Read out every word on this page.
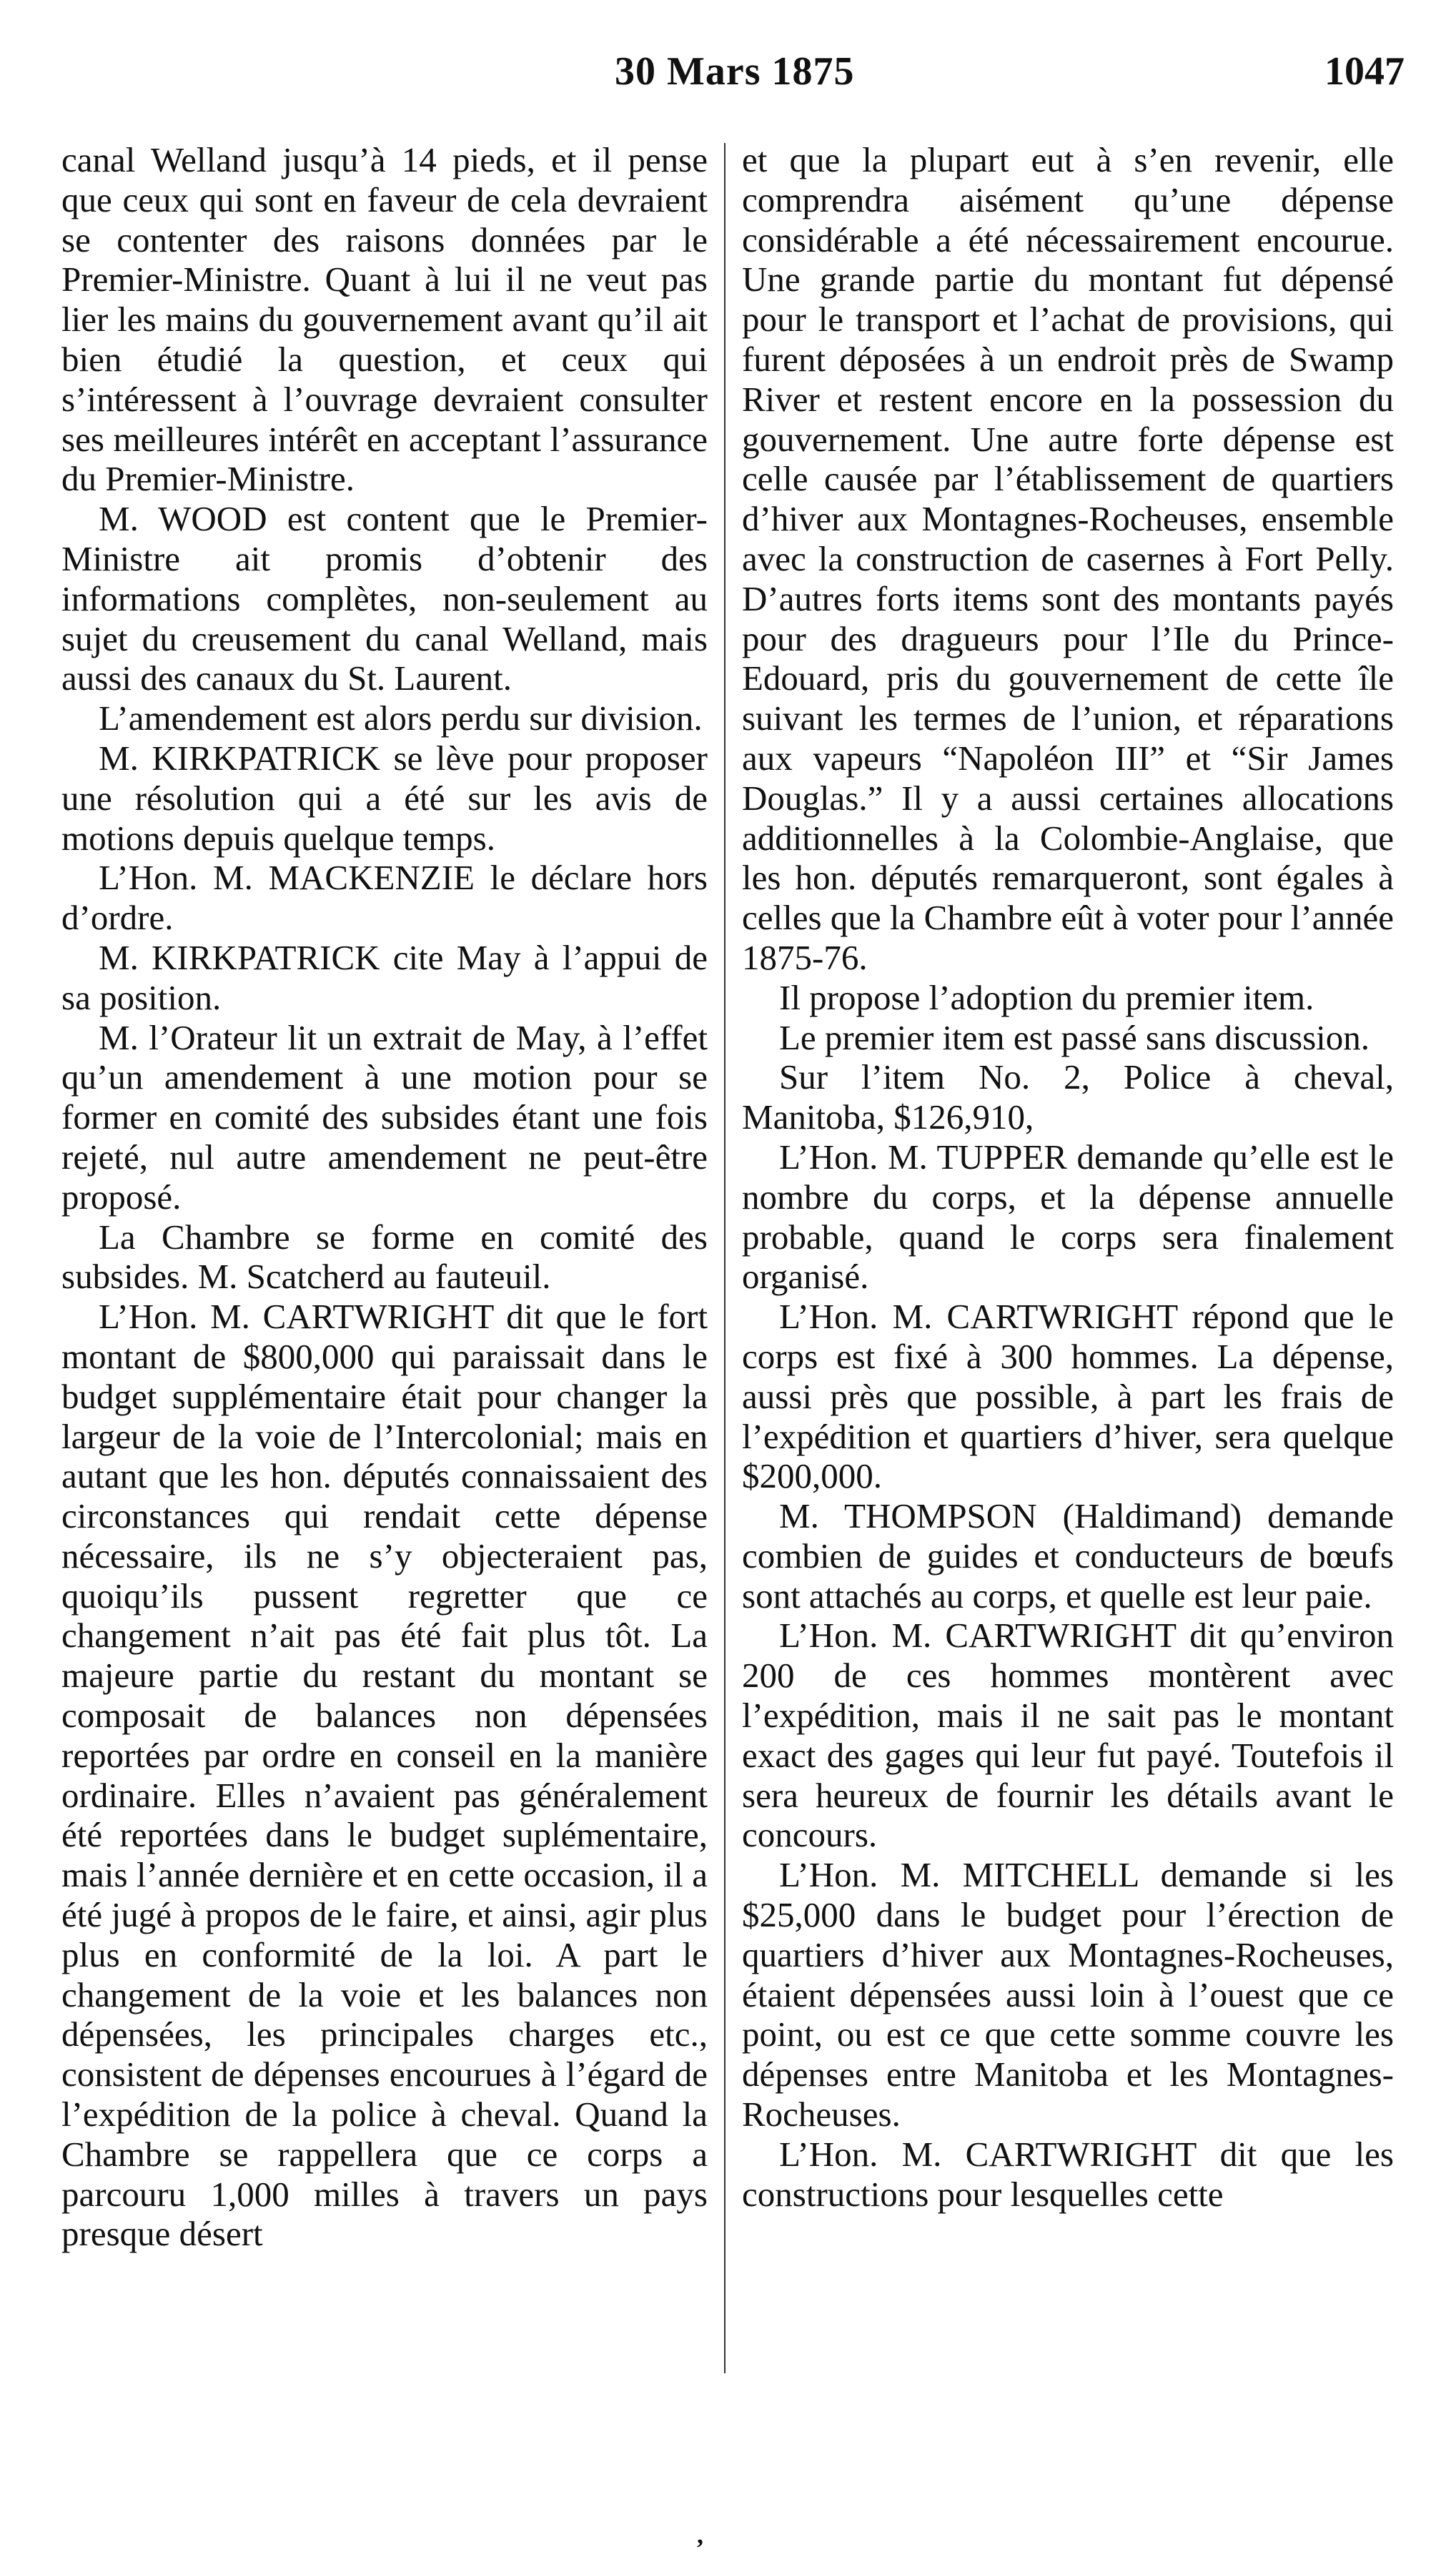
30 Mars 1875	1047

canal Welland jusqu’à 14 pieds, et il pense que ceux qui sont en faveur de cela devraient se contenter des raisons données par le Premier-Ministre. Quant à lui il ne veut pas lier les mains du gouvernement avant qu’il ait bien étudié la question, et ceux qui s’intéressent à l’ouvrage devraient consulter ses meilleures intérêt en acceptant l’assurance du Premier-Ministre.

M. WOOD est content que le Premier-Ministre ait promis d’obtenir des informations complètes, non-seulement au sujet du creusement du canal Welland, mais aussi des canaux du St. Laurent.

L’amendement est alors perdu sur division.

M. KIRKPATRICK se lève pour proposer une résolution qui a été sur les avis de motions depuis quelque temps.

L’Hon. M. MACKENZIE le déclare hors d’ordre.

M. KIRKPATRICK cite May à l’appui de sa position.

M. l’Orateur lit un extrait de May, à l’effet qu’un amendement à une motion pour se former en comité des subsides étant une fois rejeté, nul autre amendement ne peut-être proposé.

La Chambre se forme en comité des subsides. M. Scatcherd au fauteuil.

L’Hon. M. CARTWRIGHT dit que le fort montant de $800,000 qui paraissait dans le budget supplémentaire était pour changer la largeur de la voie de l’Intercolonial; mais en autant que les hon. députés connaissaient des circonstances qui rendait cette dépense nécessaire, ils ne s’y objecteraient pas, quoiqu’ils pussent regretter que ce changement n’ait pas été fait plus tôt. La majeure partie du restant du montant se composait de balances non dépensées reportées par ordre en conseil en la manière ordinaire. Elles n’avaient pas généralement été reportées dans le budget suplémentaire, mais l’année dernière et en cette occasion, il a été jugé à propos de le faire, et ainsi, agir plus plus en conformité de la loi. A part le changement de la voie et les balances non dépensées, les principales charges etc., consistent de dépenses encourues à l’égard de l’expédition de la police à cheval. Quand la Chambre se rappellera que ce corps a parcouru 1,000 milles à travers un pays presque désert

et que la plupart eut à s’en revenir, elle comprendra aisément qu’une dépense considérable a été nécessairement encourue. Une grande partie du montant fut dépensé pour le transport et l’achat de provisions, qui furent déposées à un endroit près de Swamp River et restent encore en la possession du gouvernement. Une autre forte dépense est celle causée par l’établissement de quartiers d’hiver aux Montagnes-Rocheuses, ensemble avec la construction de casernes à Fort Pelly. D’autres forts items sont des montants payés pour des dragueurs pour l’Ile du Prince-Edouard, pris du gouvernement de cette île suivant les termes de l’union, et réparations aux vapeurs “Napoléon III” et “Sir James Douglas.” Il y a aussi certaines allocations additionnelles à la Colombie-Anglaise, que les hon. députés remarqueront, sont égales à celles que la Chambre eût à voter pour l’année 1875-76.

Il propose l’adoption du premier item.

Le premier item est passé sans discussion.

Sur l’item No. 2, Police à cheval, Manitoba, $126,910,

L’Hon. M. TUPPER demande qu’elle est le nombre du corps, et la dépense annuelle probable, quand le corps sera finalement organisé.

L’Hon. M. CARTWRIGHT répond que le corps est fixé à 300 hommes. La dépense, aussi près que possible, à part les frais de l’expédition et quartiers d’hiver, sera quelque $200,000.

M. THOMPSON (Haldimand) demande combien de guides et conducteurs de bœufs sont attachés au corps, et quelle est leur paie.

L’Hon. M. CARTWRIGHT dit qu’environ 200 de ces hommes montèrent avec l’expédition, mais il ne sait pas le montant exact des gages qui leur fut payé. Toutefois il sera heureux de fournir les détails avant le concours.

L’Hon. M. MITCHELL demande si les $25,000 dans le budget pour l’érection de quartiers d’hiver aux Montagnes-Rocheuses, étaient dépensées aussi loin à l’ouest que ce point, ou est ce que cette somme couvre les dépenses entre Manitoba et les Montagnes-Rocheuses.

L’Hon. M. CARTWRIGHT dit que les constructions pour lesquelles cette

,
